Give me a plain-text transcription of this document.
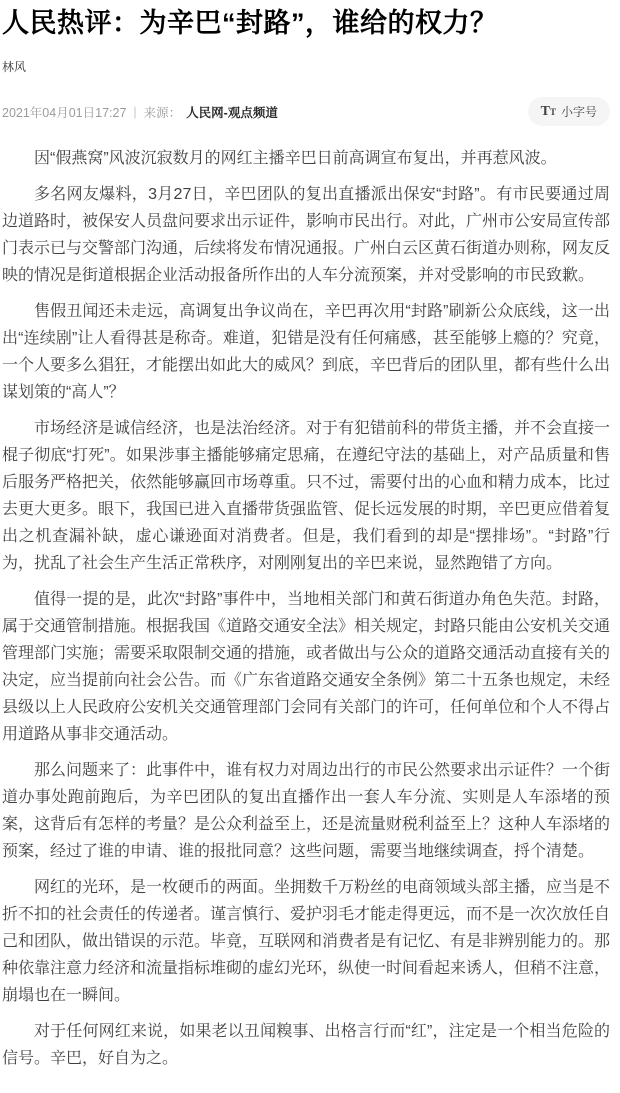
人民热评：为辛巴“封路”，谁给的权力？
林风
2021年04月01日17:27 | 来源： 人民网-观点频道	T T 小字号

因“假燕窝”风波沉寂数月的网红主播辛巴日前高调宣布复出，并再惹风波。

多名网友爆料，3月27日，辛巴团队的复出直播派出保安“封路”。有市民要通过周边道路时，被保安人员盘问要求出示证件，影响市民出行。对此，广州市公安局宣传部门表示已与交警部门沟通，后续将发布情况通报。广州白云区黄石街道办则称，网友反映的情况是街道根据企业活动报备所作出的人车分流预案，并对受影响的市民致歉。

售假丑闻还未走远，高调复出争议尚在，辛巴再次用“封路”刷新公众底线，这一出出“连续剧”让人看得甚是称奇。难道，犯错是没有任何痛感，甚至能够上瘾的？究竟，一个人要多么猖狂，才能摆出如此大的威风？到底，辛巴背后的团队里，都有些什么出谋划策的“高人”？

市场经济是诚信经济，也是法治经济。对于有犯错前科的带货主播，并不会直接一棍子彻底“打死”。如果涉事主播能够痛定思痛，在遵纪守法的基础上，对产品质量和售后服务严格把关，依然能够赢回市场尊重。只不过，需要付出的心血和精力成本，比过去更大更多。眼下，我国已进入直播带货强监管、促长远发展的时期，辛巴更应借着复出之机查漏补缺，虚心谦逊面对消费者。但是，我们看到的却是“摆排场”。“封路”行为，扰乱了社会生产生活正常秩序，对刚刚复出的辛巴来说，显然跑错了方向。

值得一提的是，此次“封路”事件中，当地相关部门和黄石街道办角色失范。封路，属于交通管制措施。根据我国《道路交通安全法》相关规定，封路只能由公安机关交通管理部门实施；需要采取限制交通的措施，或者做出与公众的道路交通活动直接有关的决定，应当提前向社会公告。而《广东省道路交通安全条例》第二十五条也规定，未经县级以上人民政府公安机关交通管理部门会同有关部门的许可，任何单位和个人不得占用道路从事非交通活动。

那么问题来了：此事件中，谁有权力对周边出行的市民公然要求出示证件？一个街道办事处跑前跑后，为辛巴团队的复出直播作出一套人车分流、实则是人车添堵的预案，这背后有怎样的考量？是公众利益至上，还是流量财税利益至上？这种人车添堵的预案，经过了谁的申请、谁的报批同意？这些问题，需要当地继续调查，捋个清楚。

网红的光环，是一枚硬币的两面。坐拥数千万粉丝的电商领域头部主播，应当是不折不扣的社会责任的传递者。谨言慎行、爱护羽毛才能走得更远，而不是一次次放任自己和团队，做出错误的示范。毕竟，互联网和消费者是有记忆、有是非辨别能力的。那种依靠注意力经济和流量指标堆砌的虚幻光环，纵使一时间看起来诱人，但稍不注意，崩塌也在一瞬间。

对于任何网红来说，如果老以丑闻糗事、出格言行而“红”，注定是一个相当危险的信号。辛巴，好自为之。
